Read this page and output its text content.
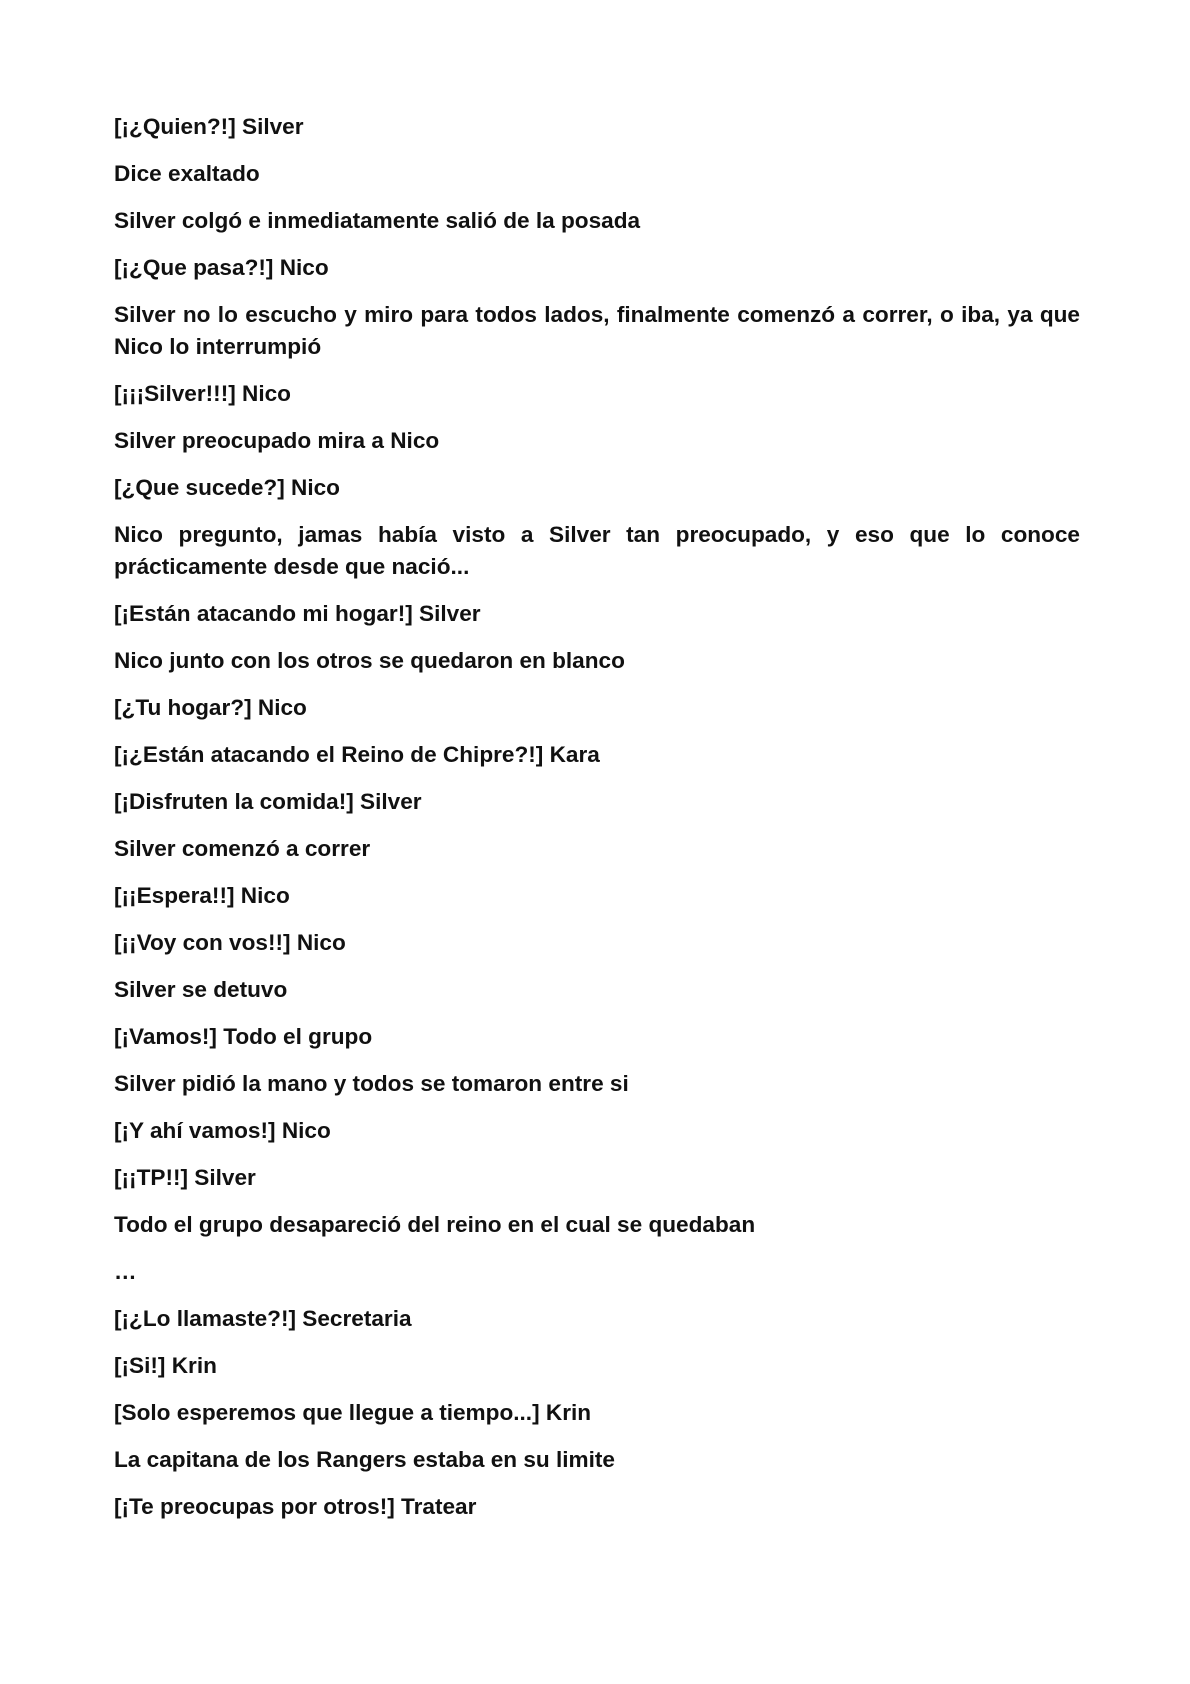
[¡¿Quien?!] Silver

Dice exaltado

Silver colgó e inmediatamente salió de la posada

[¡¿Que pasa?!] Nico

Silver no lo escucho y miro para todos lados, finalmente comenzó a correr, o iba, ya que Nico lo interrumpió

[¡¡¡Silver!!!] Nico

Silver preocupado mira a Nico

[¿Que sucede?] Nico

Nico pregunto, jamas había visto a Silver tan preocupado, y eso que lo conoce prácticamente desde que nació...

[¡Están atacando mi hogar!] Silver

Nico junto con los otros se quedaron en blanco

[¿Tu hogar?] Nico

[¡¿Están atacando el Reino de Chipre?!] Kara

[¡Disfruten la comida!] Silver

Silver comenzó a correr

[¡¡Espera!!] Nico

[¡¡Voy con vos!!] Nico

Silver se detuvo

[¡Vamos!] Todo el grupo

Silver pidió la mano y todos se tomaron entre si

[¡Y ahí vamos!] Nico

[¡¡TP!!] Silver

Todo el grupo desapareció del reino en el cual se quedaban

…

[¡¿Lo llamaste?!] Secretaria

[¡Si!] Krin

[Solo esperemos que llegue a tiempo...] Krin

La capitana de los Rangers estaba en su limite

[¡Te preocupas por otros!] Tratear
